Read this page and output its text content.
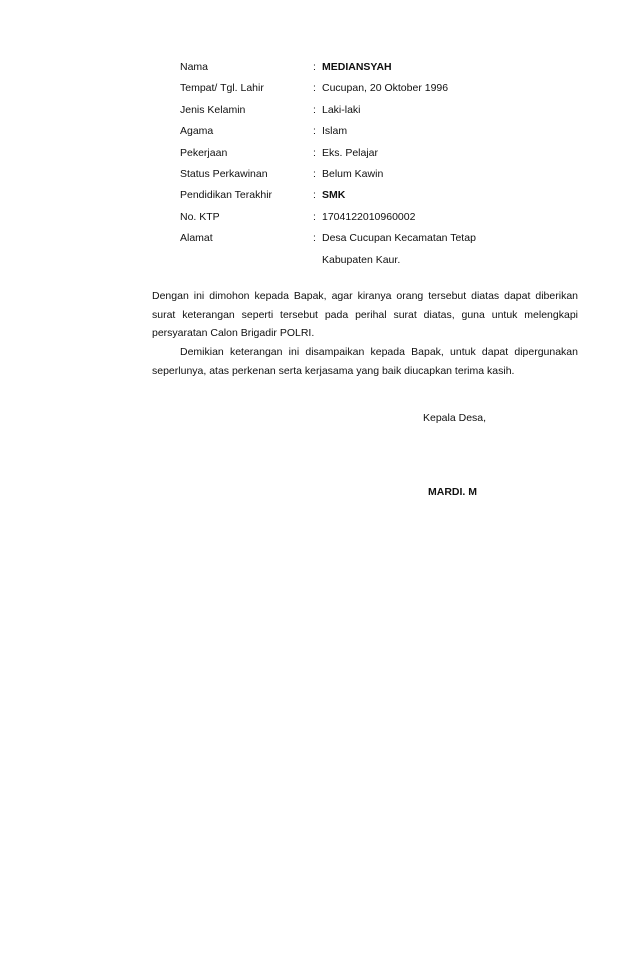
Nama	: MEDIANSYAH
Tempat/ Tgl. Lahir	: Cucupan, 20 Oktober 1996
Jenis Kelamin	: Laki-laki
Agama	: Islam
Pekerjaan	: Eks. Pelajar
Status Perkawinan	: Belum Kawin
Pendidikan Terakhir	: SMK
No. KTP	: 1704122010960002
Alamat	: Desa Cucupan Kecamatan Tetap
Kabupaten Kaur.

Dengan ini dimohon kepada Bapak, agar kiranya orang tersebut diatas dapat diberikan surat keterangan seperti tersebut pada perihal surat diatas, guna untuk melengkapi persyaratan Calon Brigadir POLRI.

Demikian keterangan ini disampaikan kepada Bapak, untuk dapat dipergunakan seperlunya, atas perkenan serta kerjasama yang baik diucapkan terima kasih.

Kepala Desa,
MARDI. M
